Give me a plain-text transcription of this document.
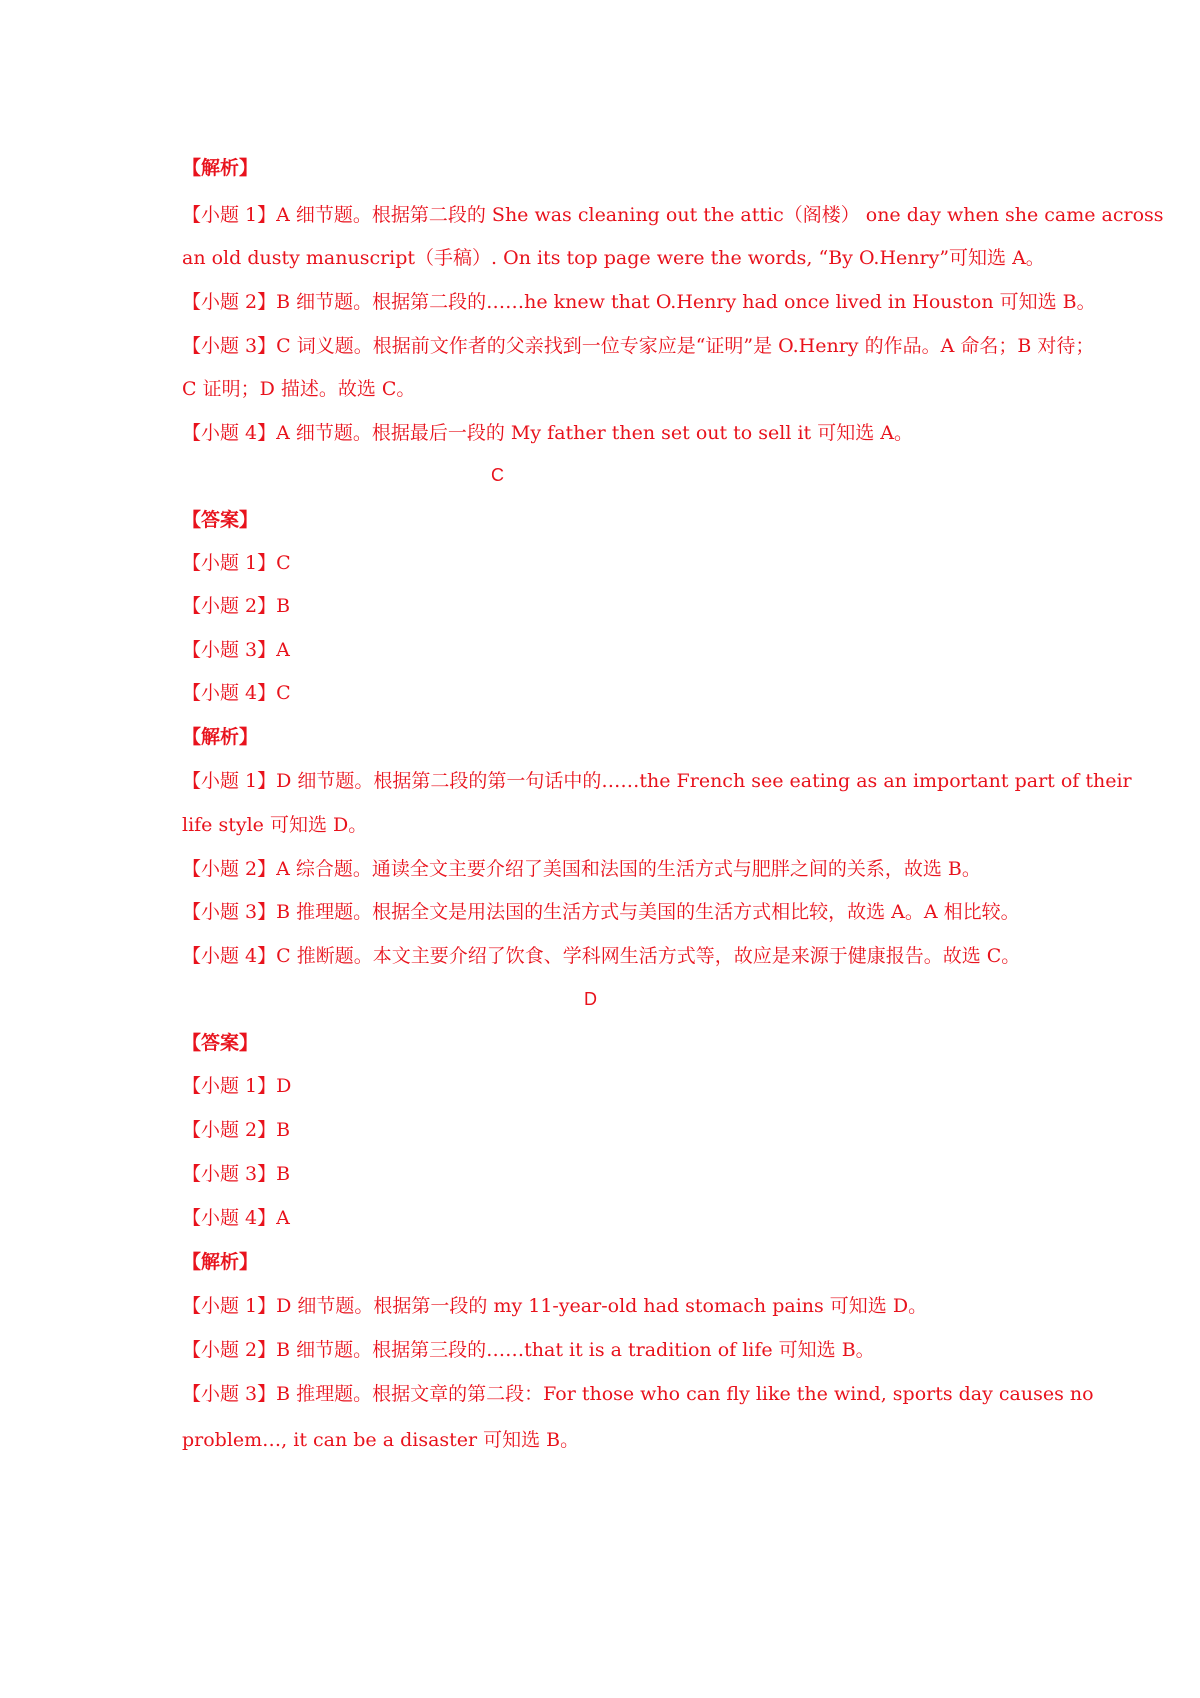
【解析】
【小题 1】A 细节题。根据第二段的 She was cleaning out the attic（阁楼） one day when she came across
an old dusty manuscript（手稿）. On its top page were the words, “By O.Henry”可知选 A。
【小题 2】B 细节题。根据第二段的……he knew that O.Henry had once lived in Houston 可知选 B。
【小题 3】C 词义题。根据前文作者的父亲找到一位专家应是“证明”是 O.Henry 的作品。A 命名；B 对待；
C 证明；D 描述。故选 C。
【小题 4】A 细节题。根据最后一段的 My father then set out to sell it 可知选 A。
C
【答案】
【小题 1】C
【小题 2】B
【小题 3】A
【小题 4】C
【解析】
【小题 1】D 细节题。根据第二段的第一句话中的……the French see eating as an important part of their
life style 可知选 D。
【小题 2】A 综合题。通读全文主要介绍了美国和法国的生活方式与肥胖之间的关系，故选 B。
【小题 3】B 推理题。根据全文是用法国的生活方式与美国的生活方式相比较，故选 A。A 相比较。
【小题 4】C 推断题。本文主要介绍了饮食、学科网生活方式等，故应是来源于健康报告。故选 C。
D
【答案】
【小题 1】D
【小题 2】B
【小题 3】B
【小题 4】A
【解析】
【小题 1】D 细节题。根据第一段的 my 11-year-old had stomach pains 可知选 D。
【小题 2】B 细节题。根据第三段的……that it is a tradition of life 可知选 B。
【小题 3】B 推理题。根据文章的第二段：For those who can fly like the wind, sports day causes no
problem…, it can be a disaster 可知选 B。
